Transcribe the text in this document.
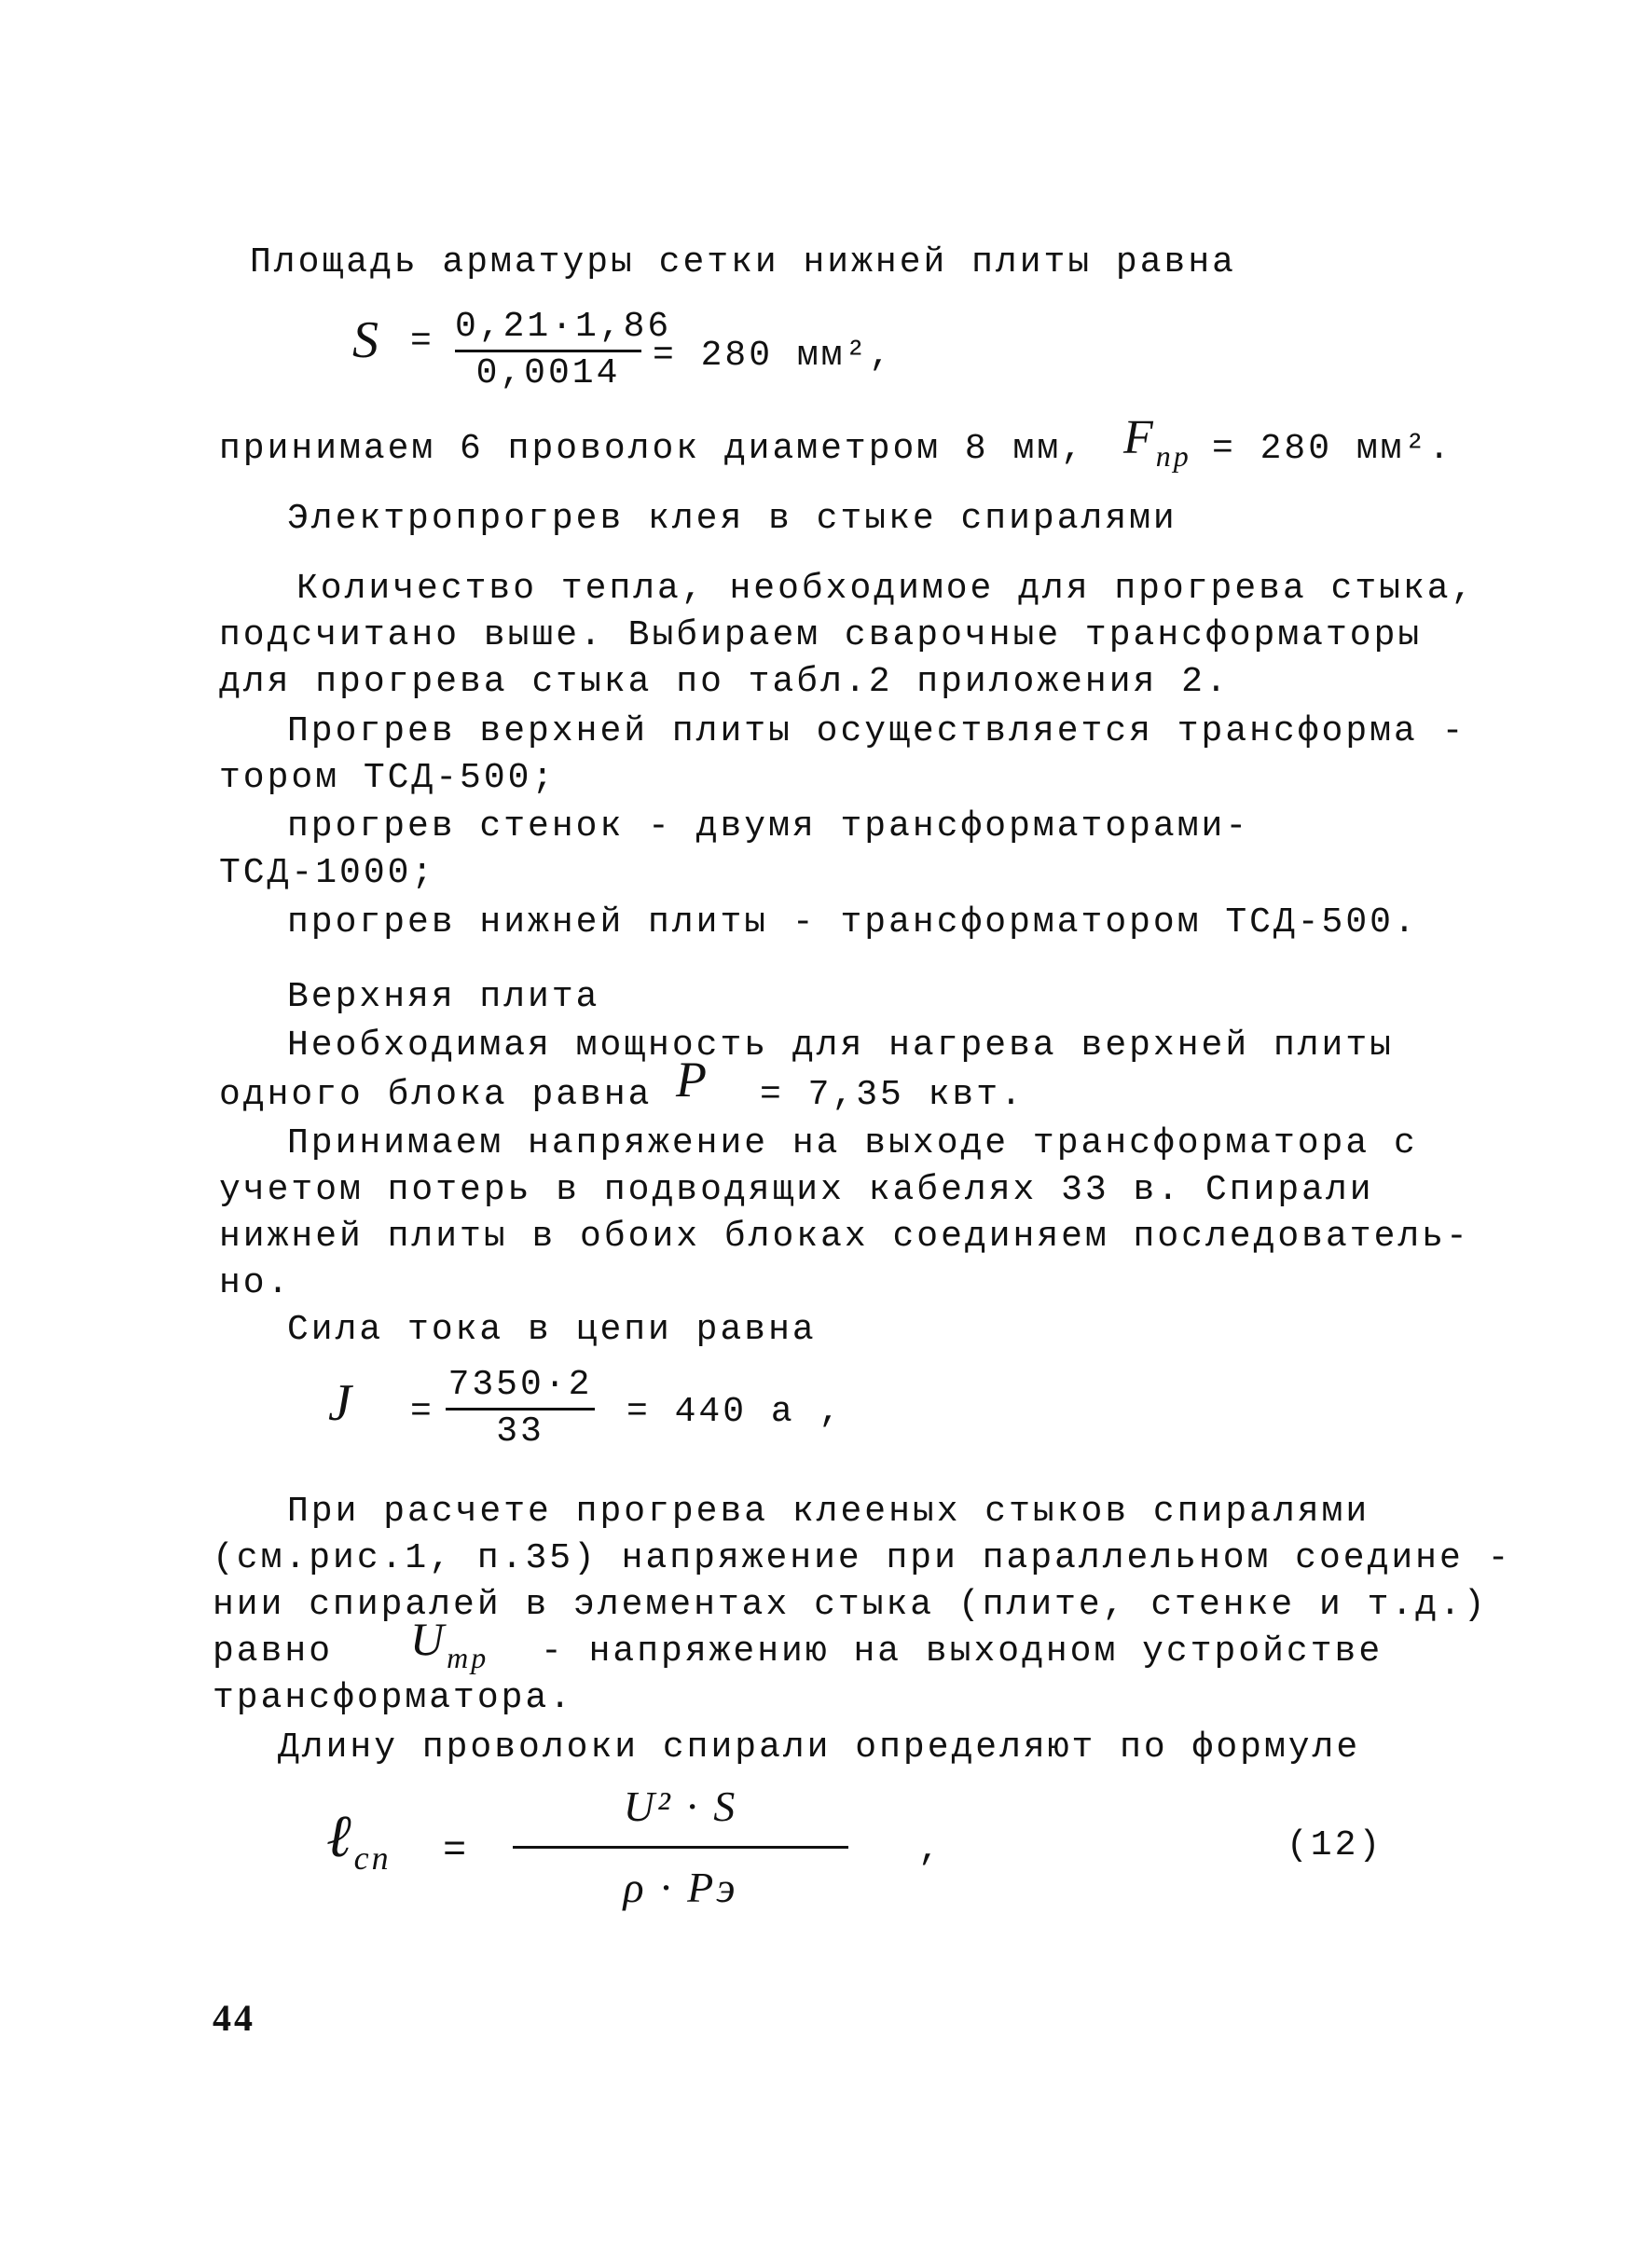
Площадь арматуры сетки нижней плиты равна
S = 0,21·1,86
0,0014 = 280 мм²,
принимаем 6 проволок диаметром 8 мм, $F_{пр} = 280$ мм².
Электропрогрев клея в стыке спиралями
Количество тепла, необходимое для прогрева стыка,
подсчитано выше. Выбираем сварочные трансформаторы
для прогрева стыка по табл.2 приложения 2.
Прогрев верхней плиты осуществляется трансформа -
тором ТСД-500;
прогрев стенок - двумя трансформаторами-
ТСД-1000;
прогрев нижней плиты - трансформатором ТСД-500.
Верхняя плита
Необходимая мощность для нагрева верхней плиты
одного блока равна P = 7,35 квт.
Принимаем напряжение на выходе трансформатора с
учетом потерь в подводящих кабелях 33 в. Спирали
нижней плиты в обоих блоках соединяем последователь-
но.
Сила тока в цепи равна
J =
7350·2
33	= 440 а ,
При расчете прогрева клееных стыков спиралями
(см.рис.1, п.35) напряжение при параллельном соедине -
нии спиралей в элементах стыка (плите, стенке и т.д.)
равно $U_{тр}$ - напряжению на выходном устройстве
трансформатора.
Длину проволоки спирали определяют по формуле
ℓ$_{сп}$ =
U² · S
ρ · Pэ
,	(12)
44
